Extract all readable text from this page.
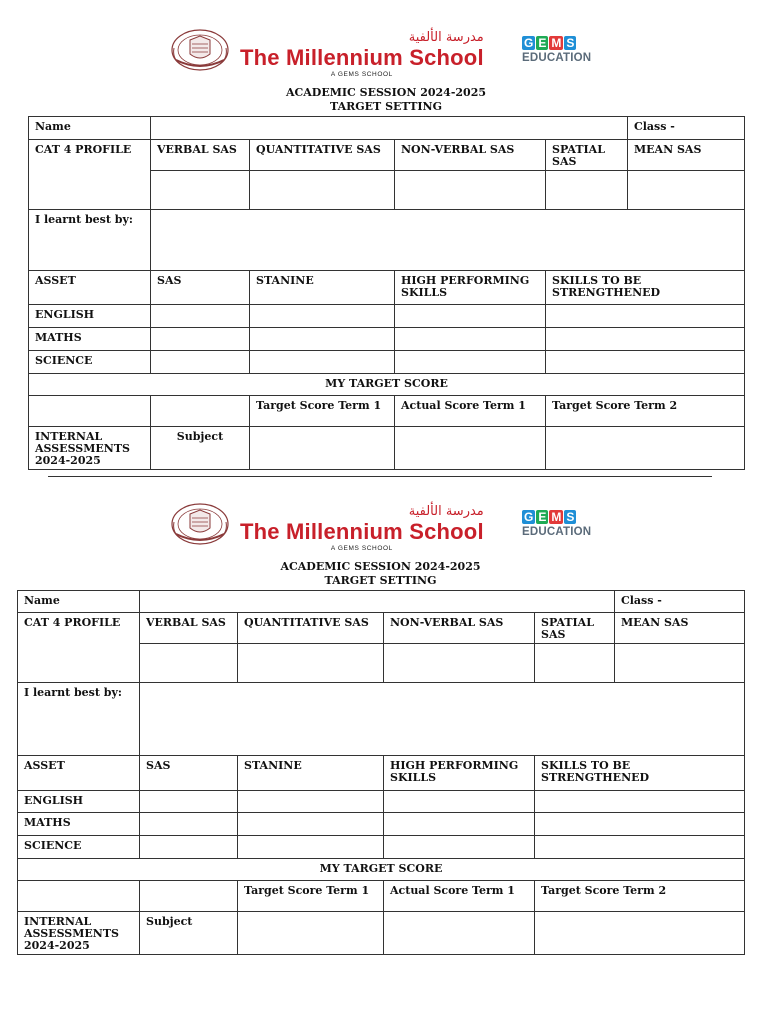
مدرسة الألفية
The Millennium School
A GEMS SCHOOL
G E M S
EDUCATION
ACADEMIC SESSION 2024-2025
TARGET SETTING
Name					Class -
CAT 4 PROFILE	VERBAL SAS	QUANTITATIVE SAS	NON-VERBAL SAS	SPATIAL SAS	MEAN SAS

I learnt best by:					
ASSET	SAS	STANINE	HIGH PERFORMING SKILLS	SKILLS TO BE STRENGTHENED	
ENGLISH					
MATHS					
SCIENCE					
MY TARGET SCORE					
		Target Score Term 1	Actual Score Term 1	Target Score Term 2	
INTERNAL ASSESSMENTS 2024-2025	Subject				
مدرسة الألفية
The Millennium School
A GEMS SCHOOL
G E M S
EDUCATION
ACADEMIC SESSION 2024-2025
TARGET SETTING
Name					Class -
CAT 4 PROFILE	VERBAL SAS	QUANTITATIVE SAS	NON-VERBAL SAS	SPATIAL SAS	MEAN SAS

I learnt best by:					
ASSET	SAS	STANINE	HIGH PERFORMING SKILLS	SKILLS TO BE STRENGTHENED	
ENGLISH					
MATHS					
SCIENCE					
MY TARGET SCORE					
		Target Score Term 1	Actual Score Term 1	Target Score Term 2	
INTERNAL ASSESSMENTS 2024-2025	Subject				
